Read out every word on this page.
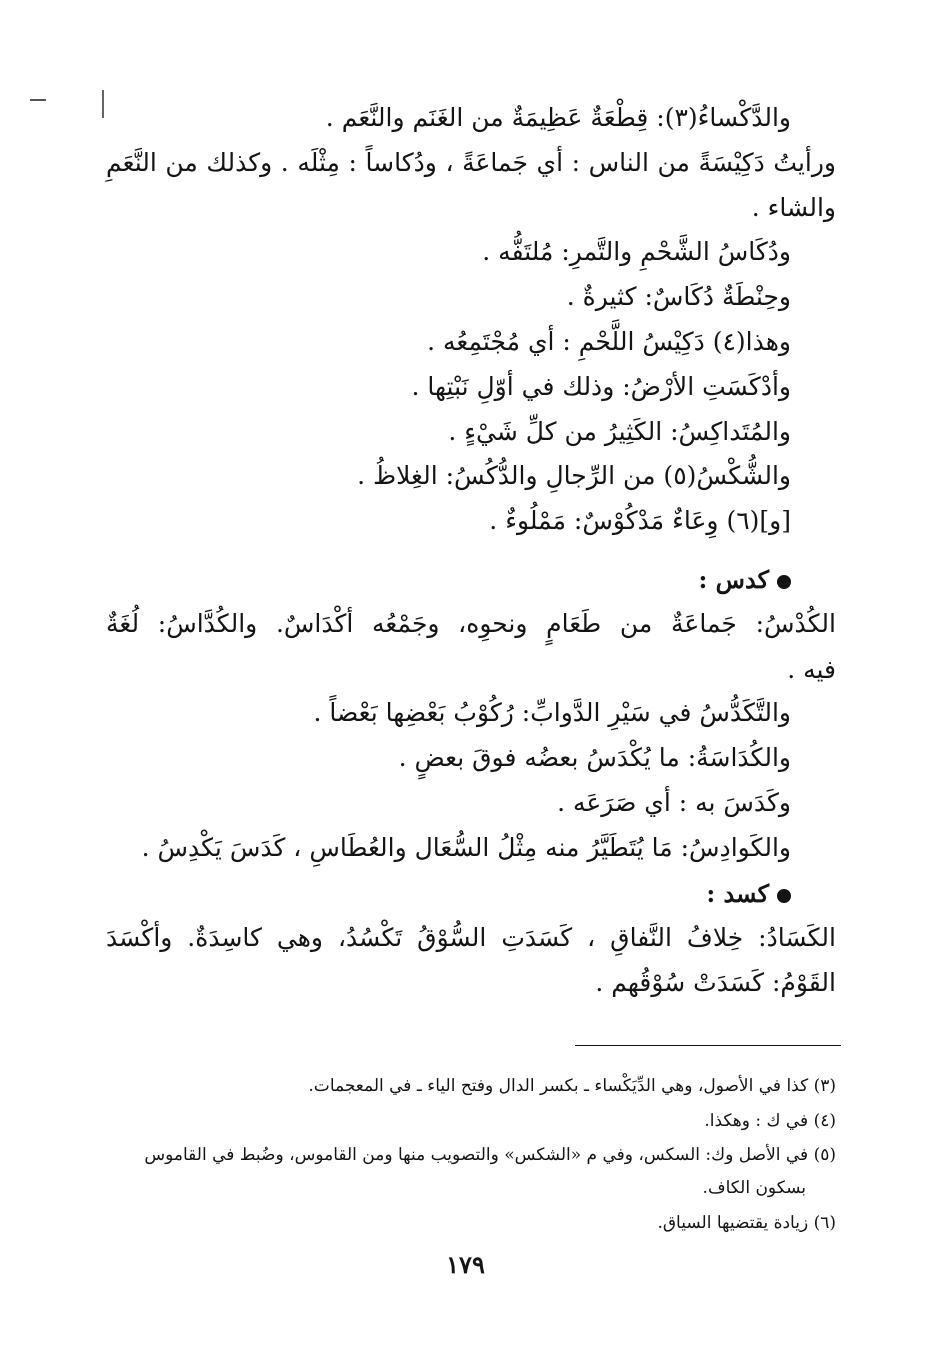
والدَّكْساءُ(٣): قِطْعَةٌ عَظِيمَةٌ من الغَنَم والنَّعَم .
ورأيتُ دَكِيْسَةً من الناس : أي جَماعَةً ، ودُكاساً : مِثْلَه . وكذلك من النَّعَمِ
والشاء .
ودُكَاسُ الشَّحْمِ والتَّمرِ: مُلتَفُّه .
وحِنْطَةٌ دُكَاسٌ: كثيرةٌ .
وهذا(٤) دَكِيْسُ اللَّحْمِ : أي مُجْتَمِعُه .
وأدْكَسَتِ الأرْضُ: وذلك في أوّلِ نَبْتِها .
والمُتَداكِسُ: الكَثِيرُ من كلِّ شَيْءٍ .
والشُّكْسُ(٥) من الرِّجالِ والدُّكُسُ: الغِلاظُ .
[و](٦) وِعَاءٌ مَدْكُوْسٌ: مَمْلُوءٌ .
كدس :
الكُدْسُ: جَماعَةٌ من طَعَامٍ ونحوِه، وجَمْعُه أكْدَاسٌ. والكُدَّاسُ: لُغَةٌ
فيه .
والتَّكَدُّسُ في سَيْرِ الدَّوابِّ: رُكُوْبُ بَعْضِها بَعْضاً .
والكُدَاسَةُ: ما يُكْدَسُ بعضُه فوقَ بعضٍ .
وكَدَسَ به : أي صَرَعَه .
والكَوادِسُ: مَا يُتَطَيَّرُ منه مِثْلُ السُّعَال والعُطَاسِ ، كَدَسَ يَكْدِسُ .
كسد :
الكَسَادُ: خِلافُ النَّفاقِ ، كَسَدَتِ السُّوْقُ تَكْسُدُ، وهي كاسِدَةٌ. وأكْسَدَ
القَوْمُ: كَسَدَتْ سُوْقُهم .
(٣) كذا في الأصول، وهي الدِّيَكْساء ـ بكسر الدال وفتح الياء ـ في المعجمات.
(٤) في ك : وهكذا.
(٥) في الأصل وك: السكس، وفي م «الشكس» والتصويب منها ومن القاموس، وضُبط في القاموس
بسكون الكاف.
(٦) زيادة يقتضيها السياق.
١٧٩
